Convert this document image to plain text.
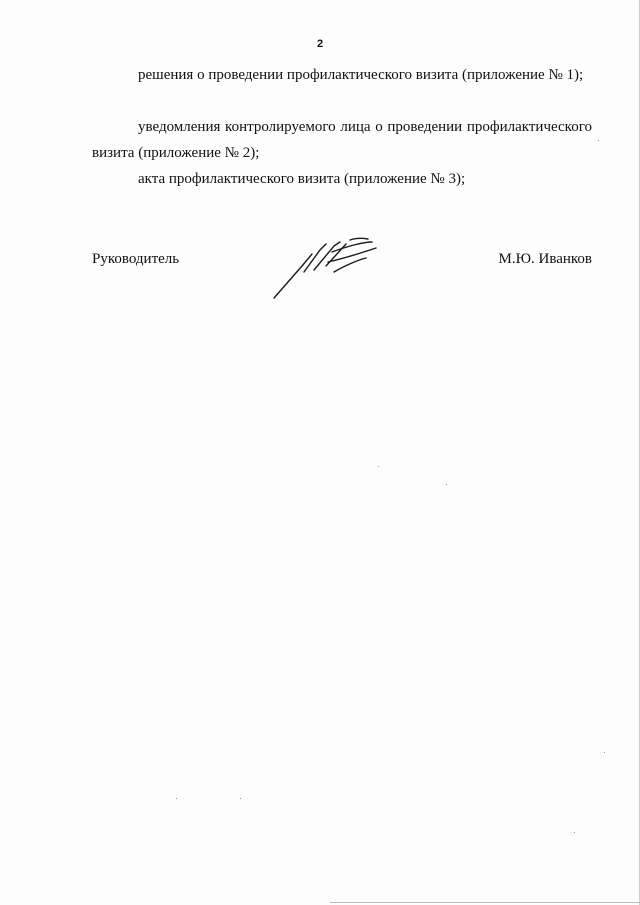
2
решения о проведении профилактического визита (приложение № 1);
уведомления контролируемого лица о проведении профилактического визита (приложение № 2);
акта профилактического визита (приложение № 3);
Руководитель	М.Ю. Иванков
